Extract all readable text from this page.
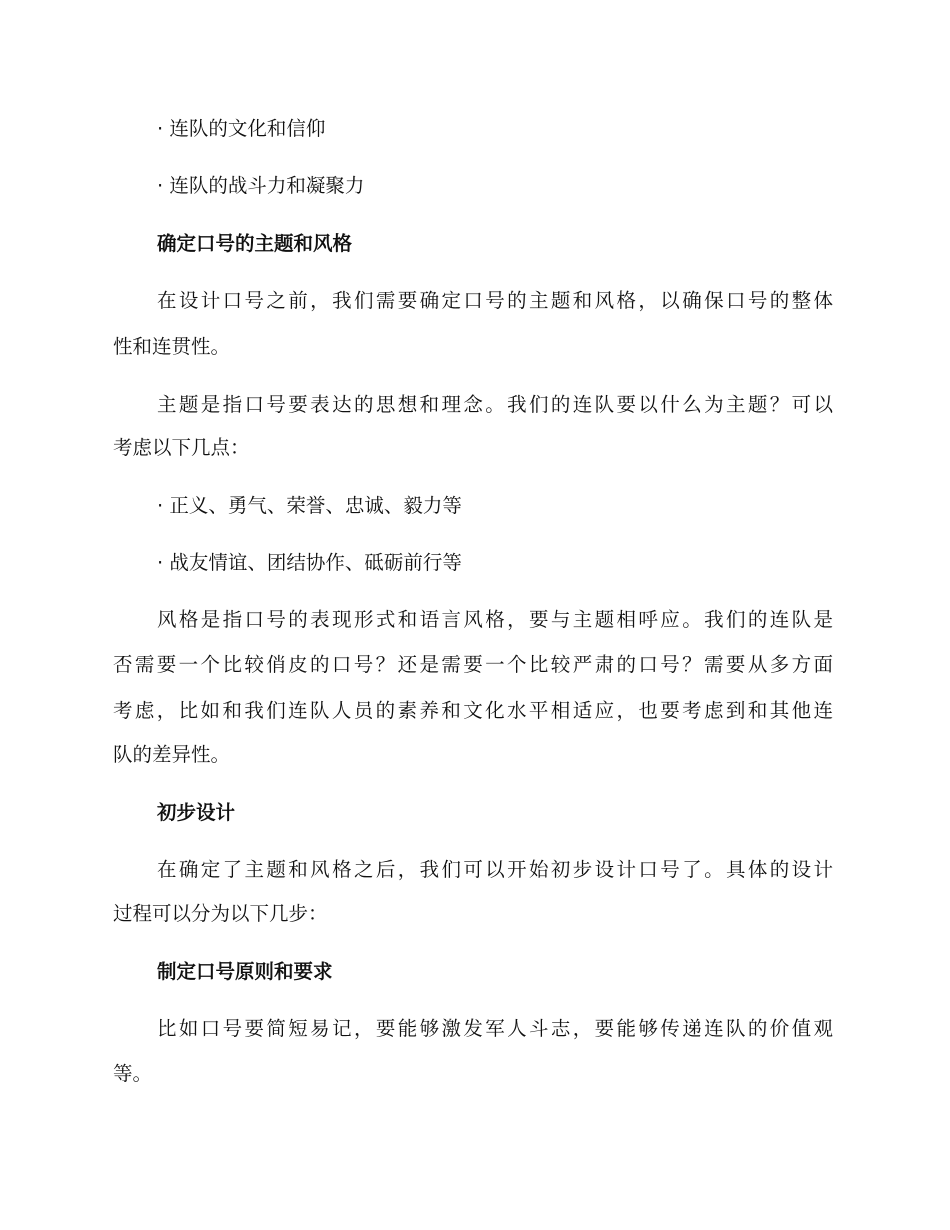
· 连队的文化和信仰
· 连队的战斗力和凝聚力
确定口号的主题和风格
在设计口号之前，我们需要确定口号的主题和风格，以确保口号的整体
性和连贯性。
主题是指口号要表达的思想和理念。我们的连队要以什么为主题？可以
考虑以下几点：
· 正义、勇气、荣誉、忠诚、毅力等
· 战友情谊、团结协作、砥砺前行等
风格是指口号的表现形式和语言风格，要与主题相呼应。我们的连队是
否需要一个比较俏皮的口号？还是需要一个比较严肃的口号？需要从多方面
考虑，比如和我们连队人员的素养和文化水平相适应，也要考虑到和其他连
队的差异性。
初步设计
在确定了主题和风格之后，我们可以开始初步设计口号了。具体的设计
过程可以分为以下几步：
制定口号原则和要求
比如口号要简短易记，要能够激发军人斗志，要能够传递连队的价值观
等。
